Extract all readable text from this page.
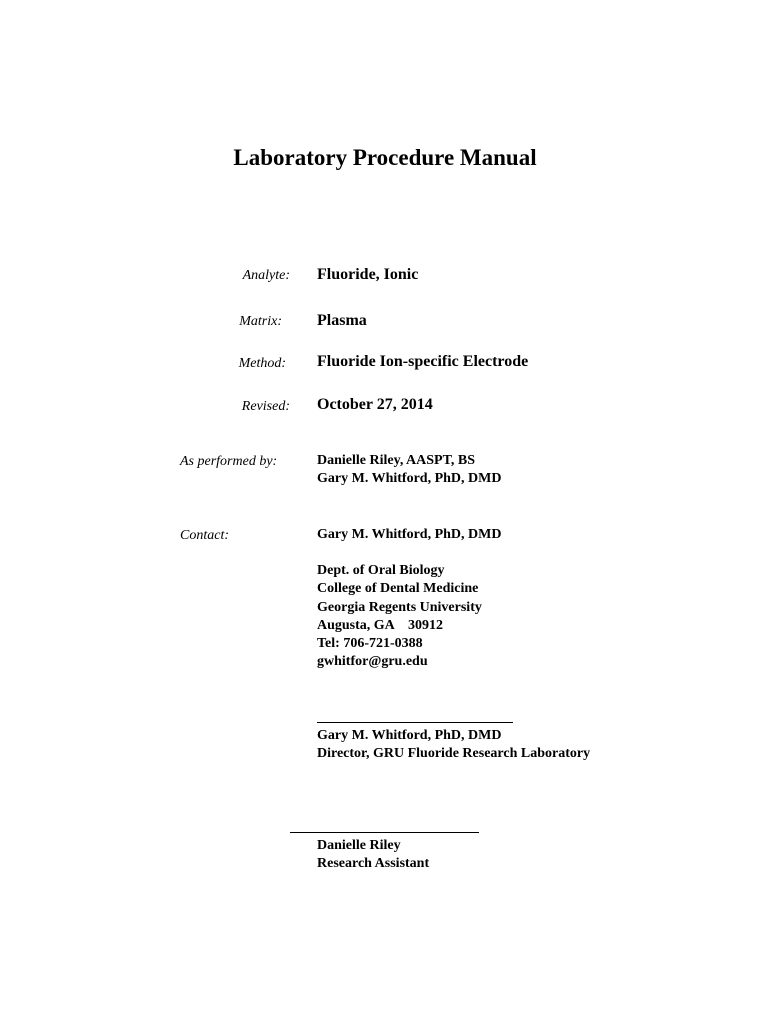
Laboratory Procedure Manual
Analyte: Fluoride, Ionic
Matrix: Plasma
Method: Fluoride Ion-specific Electrode
Revised: October 27, 2014
As performed by:	Danielle Riley, AASPT, BS
Gary M. Whitford, PhD, DMD
Contact:	Gary M. Whitford, PhD, DMD
Dept. of Oral Biology
College of Dental Medicine
Georgia Regents University
Augusta, GA    30912
Tel: 706-721-0388
gwhitfor@gru.edu
Gary M. Whitford, PhD, DMD
Director, GRU Fluoride Research Laboratory
Danielle Riley
Research Assistant
